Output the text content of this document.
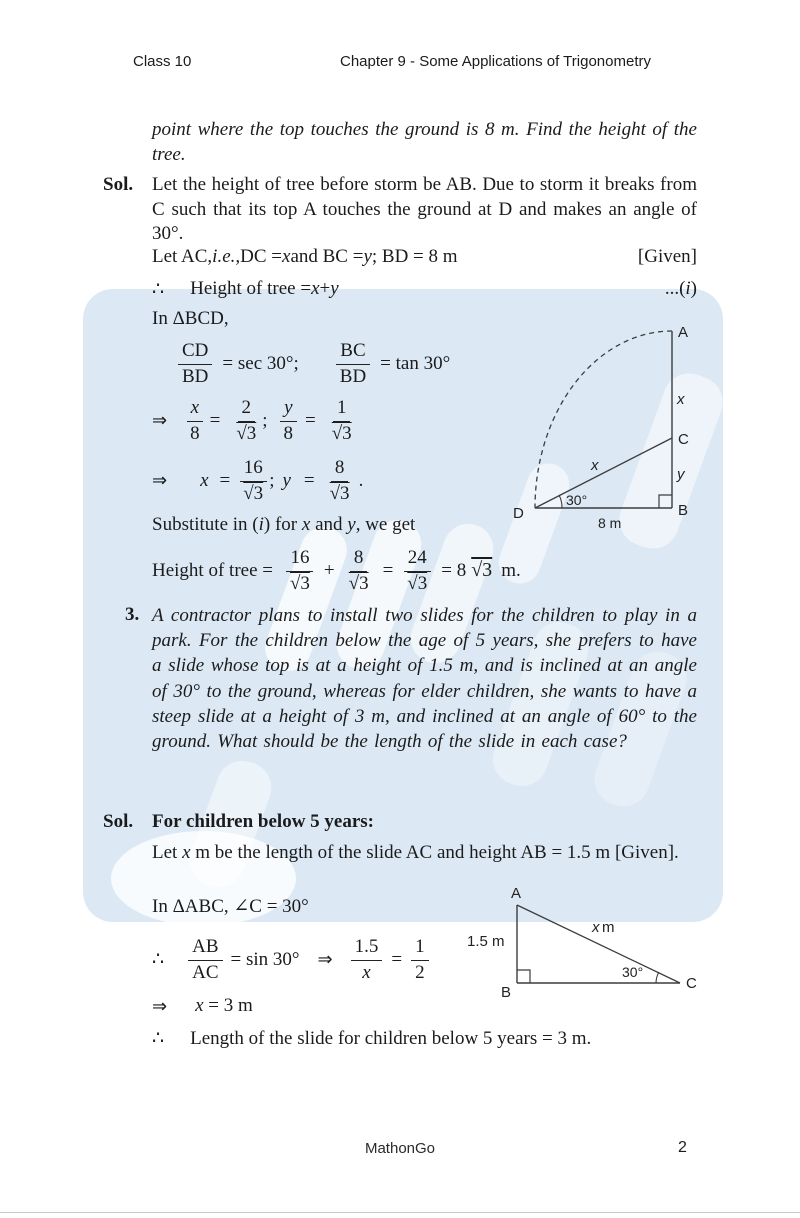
Class 10	Chapter 9 - Some Applications of Trigonometry
point where the top touches the ground is 8 m. Find the height of the tree.
Sol. Let the height of tree before storm be AB. Due to storm it breaks from C such that its top A touches the ground at D and makes an angle of 30°.
Let AC, i.e., DC = x and BC = y ; BD = 8 m	[Given]
∴ Height of tree = x + y	...(i)
In ΔBCD,
$\frac{CD}{BD} = \sec 30^\circ$; $\frac{BC}{BD} = \tan 30^\circ$
⇒ $\frac{x}{8} = \frac{2}{√3}$ ; $\frac{y}{8} = \frac{1}{√3}$
⇒ $x = \frac{16}{√3}$ ; $y = \frac{8}{√3}$ .
Substitute in (i) for x and y, we get
Height of tree = $\frac{16}{√3} + \frac{8}{√3} = \frac{24}{√3} = 8$ √3 m.
3. A contractor plans to install two slides for the children to play in a park. For the children below the age of 5 years, she prefers to have a slide whose top is at a height of 1.5 m, and is inclined at an angle of 30° to the ground, whereas for elder children, she wants to have a steep slide at a height of 3 m, and inclined at an angle of 60° to the ground. What should be the length of the slide in each case?
Sol. For children below 5 years:
Let x m be the length of the slide AC and height AB = 1.5 m [Given].
In ΔABC, ∠C = 30°
∴ $\frac{AB}{AC} = \sin 30^\circ$ ⇒ $\frac{1.5}{x} = \frac{1}{2}$
⇒ x = 3 m
∴ Length of the slide for children below 5 years = 3 m.
A
x
C
y
B
D
x
30°
8 m
A
B
C
x m
1.5 m
30°
MathonGo	2
